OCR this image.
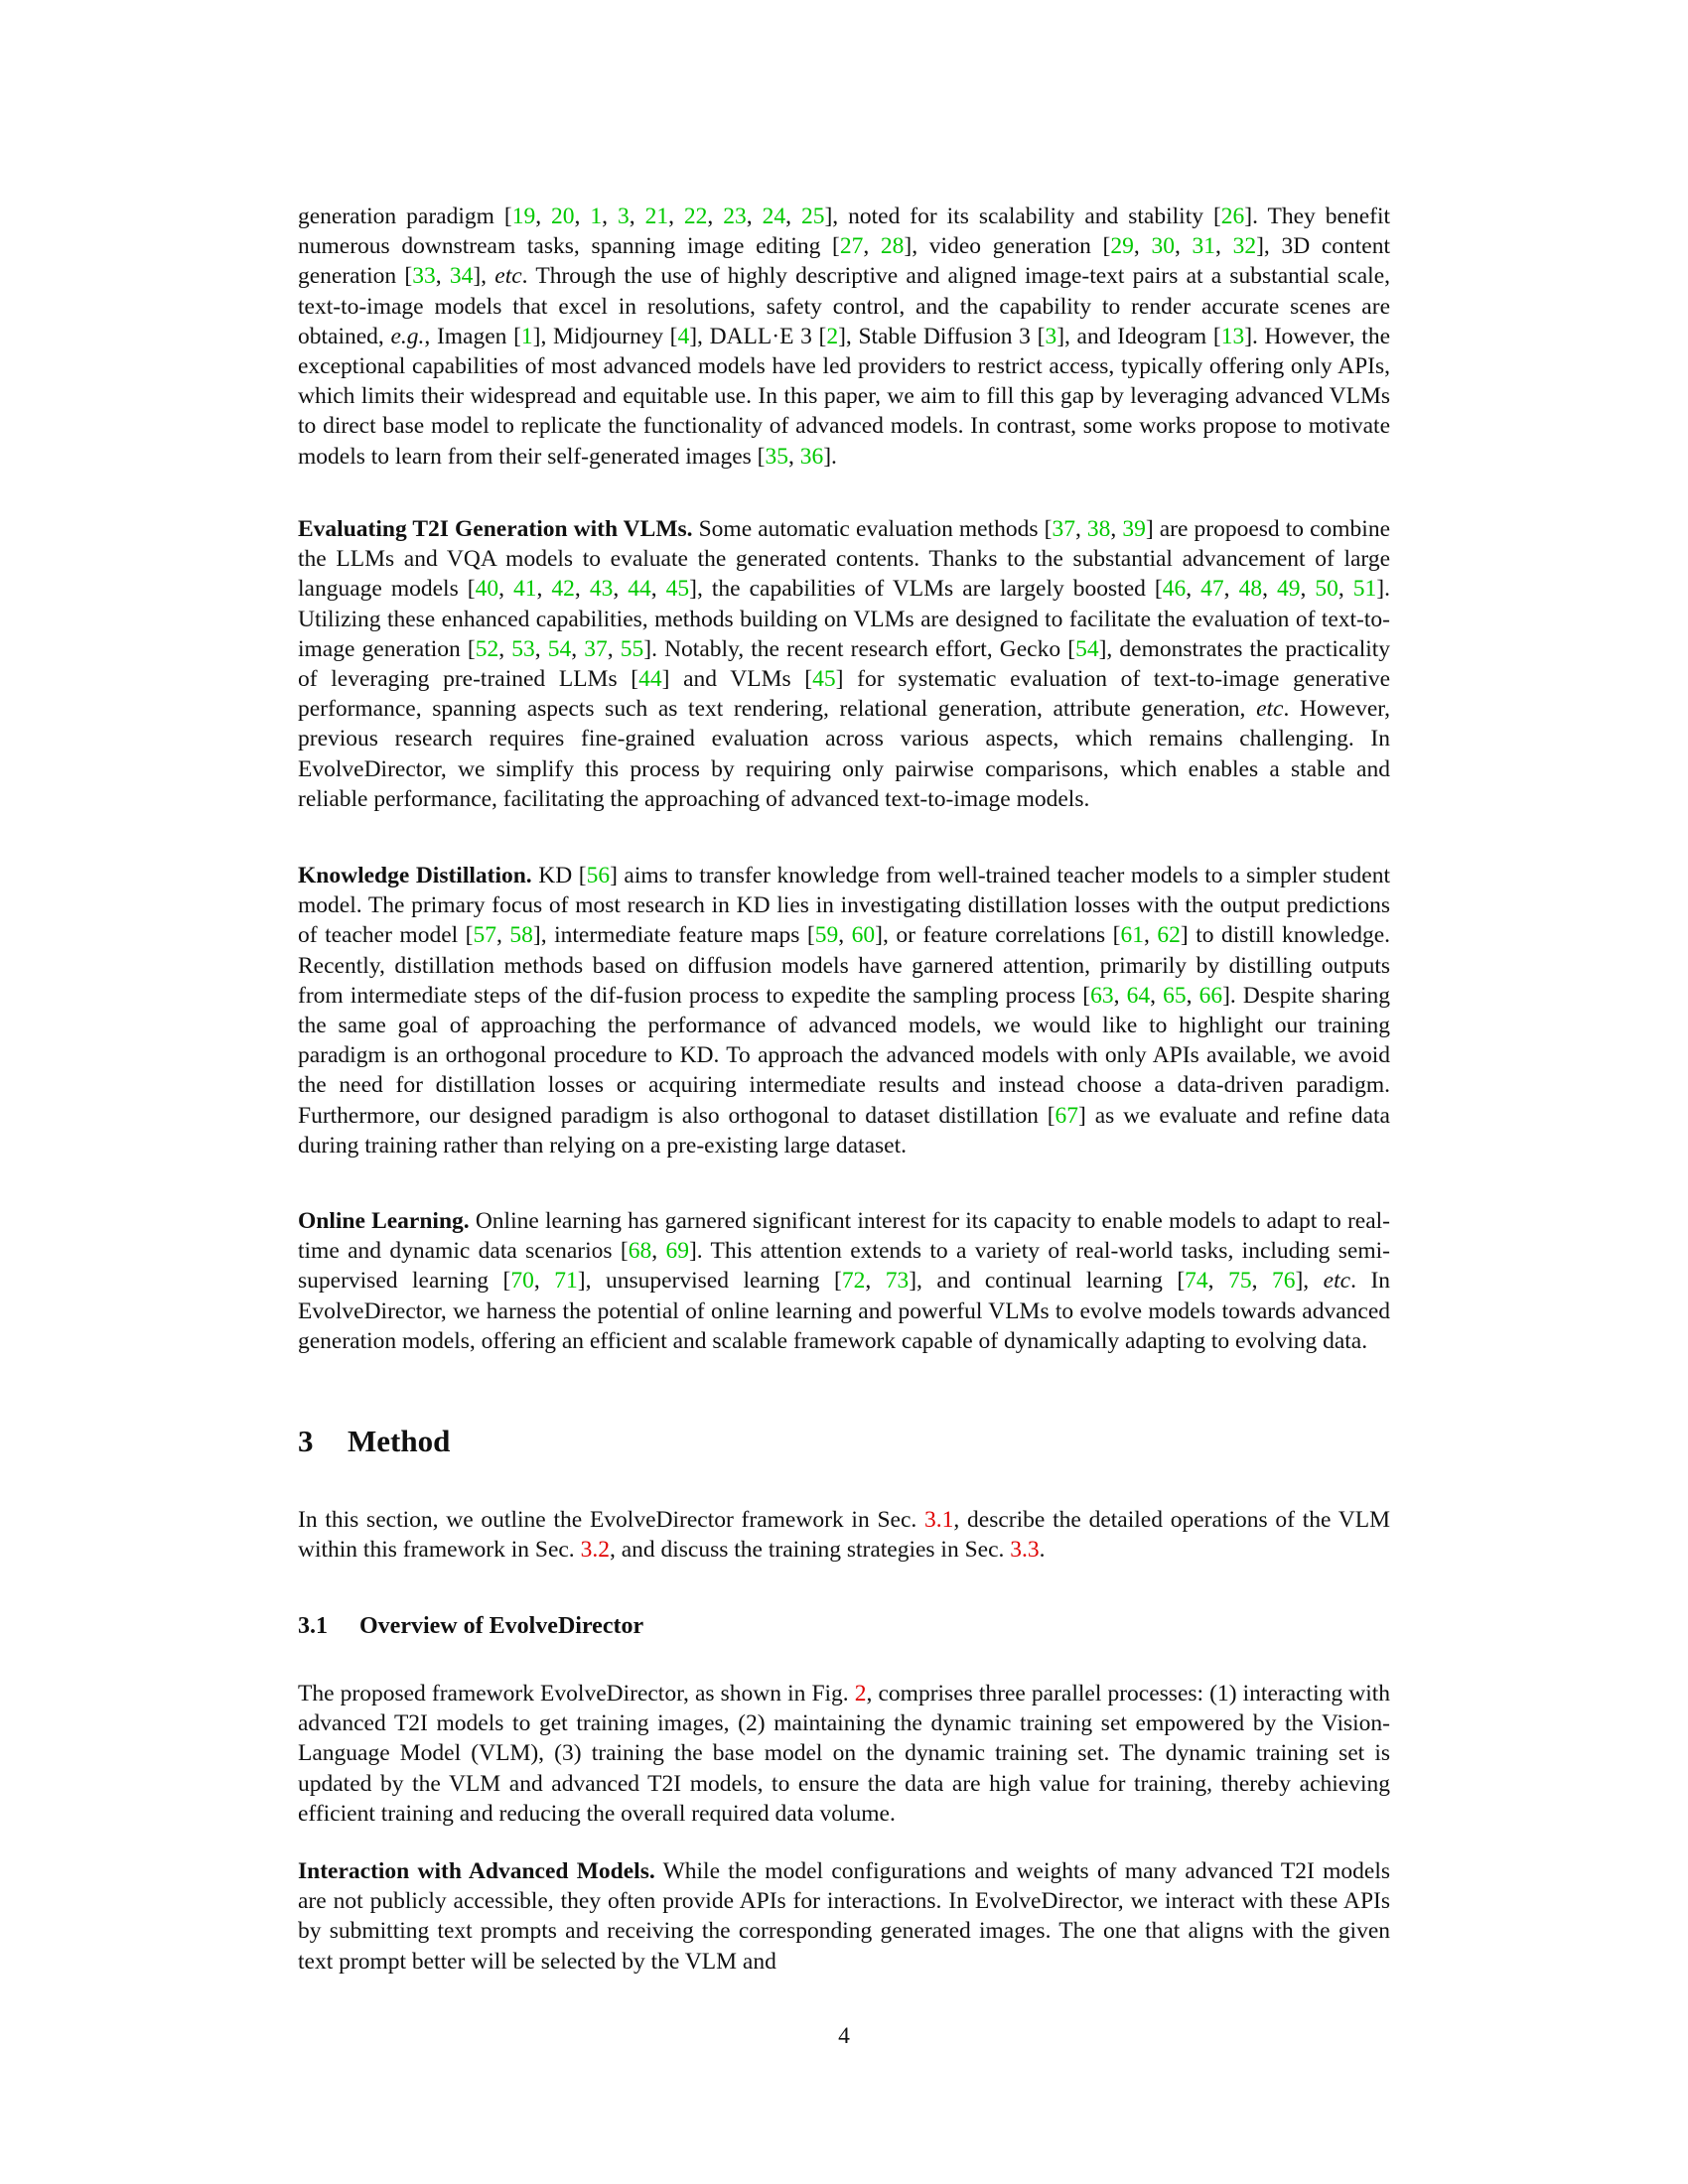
generation paradigm [19, 20, 1, 3, 21, 22, 23, 24, 25], noted for its scalability and stability [26]. They benefit numerous downstream tasks, spanning image editing [27, 28], video generation [29, 30, 31, 32], 3D content generation [33, 34], etc. Through the use of highly descriptive and aligned image-text pairs at a substantial scale, text-to-image models that excel in resolutions, safety control, and the capability to render accurate scenes are obtained, e.g., Imagen [1], Midjourney [4], DALL·E 3 [2], Stable Diffusion 3 [3], and Ideogram [13]. However, the exceptional capabilities of most advanced models have led providers to restrict access, typically offering only APIs, which limits their widespread and equitable use. In this paper, we aim to fill this gap by leveraging advanced VLMs to direct base model to replicate the functionality of advanced models. In contrast, some works propose to motivate models to learn from their self-generated images [35, 36].

Evaluating T2I Generation with VLMs. Some automatic evaluation methods [37, 38, 39] are propoesd to combine the LLMs and VQA models to evaluate the generated contents. Thanks to the substantial advancement of large language models [40, 41, 42, 43, 44, 45], the capabilities of VLMs are largely boosted [46, 47, 48, 49, 50, 51]. Utilizing these enhanced capabilities, methods building on VLMs are designed to facilitate the evaluation of text-to-image generation [52, 53, 54, 37, 55]. Notably, the recent research effort, Gecko [54], demonstrates the practicality of leveraging pre-trained LLMs [44] and VLMs [45] for systematic evaluation of text-to-image generative performance, spanning aspects such as text rendering, relational generation, attribute generation, etc. However, previous research requires fine-grained evaluation across various aspects, which remains challenging. In EvolveDirector, we simplify this process by requiring only pairwise comparisons, which enables a stable and reliable performance, facilitating the approaching of advanced text-to-image models.

Knowledge Distillation. KD [56] aims to transfer knowledge from well-trained teacher models to a simpler student model. The primary focus of most research in KD lies in investigating distillation losses with the output predictions of teacher model [57, 58], intermediate feature maps [59, 60], or feature correlations [61, 62] to distill knowledge. Recently, distillation methods based on diffusion models have garnered attention, primarily by distilling outputs from intermediate steps of the dif-fusion process to expedite the sampling process [63, 64, 65, 66]. Despite sharing the same goal of approaching the performance of advanced models, we would like to highlight our training paradigm is an orthogonal procedure to KD. To approach the advanced models with only APIs available, we avoid the need for distillation losses or acquiring intermediate results and instead choose a data-driven paradigm. Furthermore, our designed paradigm is also orthogonal to dataset distillation [67] as we evaluate and refine data during training rather than relying on a pre-existing large dataset.

Online Learning. Online learning has garnered significant interest for its capacity to enable models to adapt to real-time and dynamic data scenarios [68, 69]. This attention extends to a variety of real-world tasks, including semi-supervised learning [70, 71], unsupervised learning [72, 73], and continual learning [74, 75, 76], etc. In EvolveDirector, we harness the potential of online learning and powerful VLMs to evolve models towards advanced generation models, offering an efficient and scalable framework capable of dynamically adapting to evolving data.

3 Method

In this section, we outline the EvolveDirector framework in Sec. 3.1, describe the detailed operations of the VLM within this framework in Sec. 3.2, and discuss the training strategies in Sec. 3.3.

3.1 Overview of EvolveDirector

The proposed framework EvolveDirector, as shown in Fig. 2, comprises three parallel processes: (1) interacting with advanced T2I models to get training images, (2) maintaining the dynamic training set empowered by the Vision-Language Model (VLM), (3) training the base model on the dynamic training set. The dynamic training set is updated by the VLM and advanced T2I models, to ensure the data are high value for training, thereby achieving efficient training and reducing the overall required data volume.

Interaction with Advanced Models. While the model configurations and weights of many advanced T2I models are not publicly accessible, they often provide APIs for interactions. In EvolveDirector, we interact with these APIs by submitting text prompts and receiving the corresponding generated images. The one that aligns with the given text prompt better will be selected by the VLM and

4
